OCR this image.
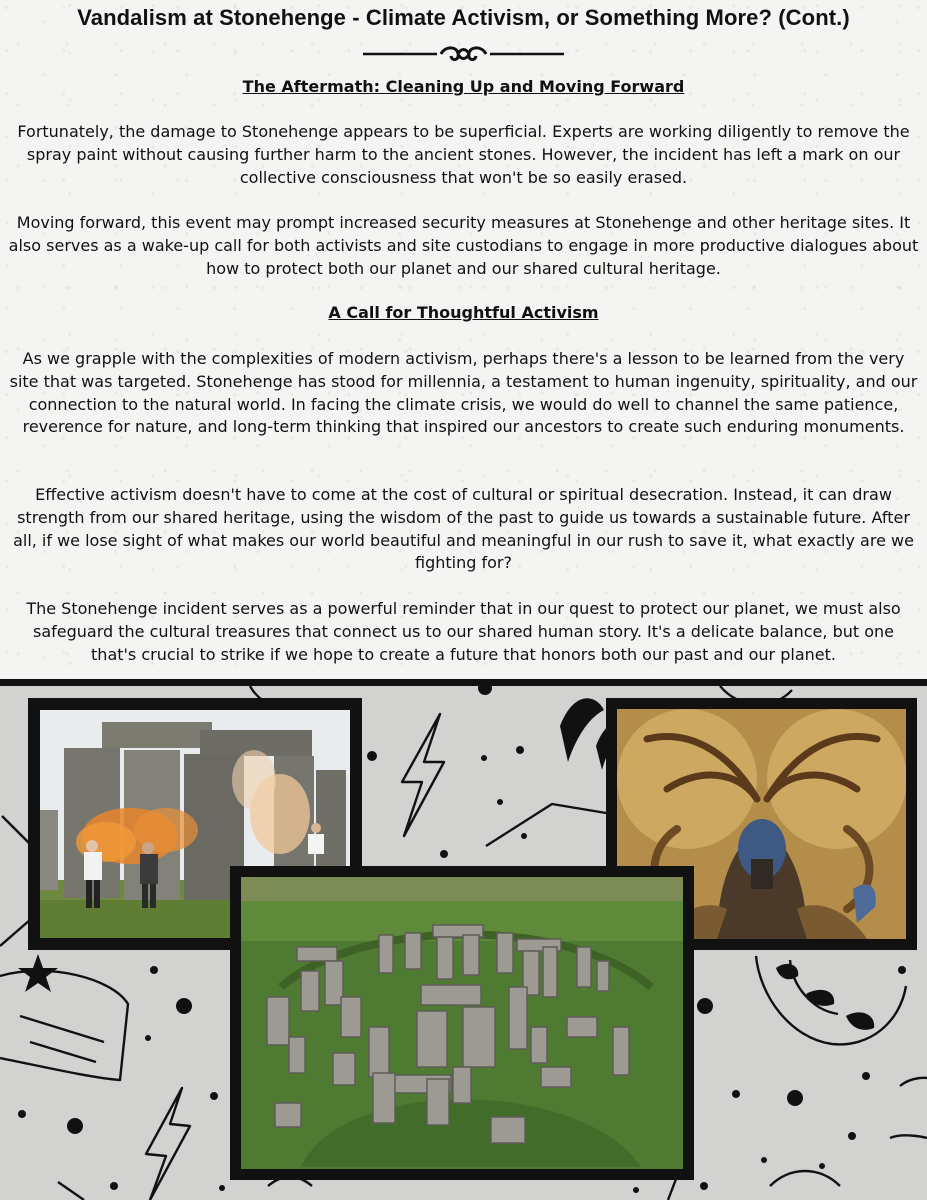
Vandalism at Stonehenge - Climate Activism, or Something More? (Cont.)
The Aftermath: Cleaning Up and Moving Forward

Fortunately, the damage to Stonehenge appears to be superficial. Experts are working diligently to remove the spray paint without causing further harm to the ancient stones. However, the incident has left a mark on our collective consciousness that won't be so easily erased.

Moving forward, this event may prompt increased security measures at Stonehenge and other heritage sites. It also serves as a wake-up call for both activists and site custodians to engage in more productive dialogues about how to protect both our planet and our shared cultural heritage.

A Call for Thoughtful Activism

As we grapple with the complexities of modern activism, perhaps there's a lesson to be learned from the very site that was targeted. Stonehenge has stood for millennia, a testament to human ingenuity, spirituality, and our connection to the natural world. In facing the climate crisis, we would do well to channel the same patience, reverence for nature, and long-term thinking that inspired our ancestors to create such enduring monuments.

Effective activism doesn't have to come at the cost of cultural or spiritual desecration. Instead, it can draw strength from our shared heritage, using the wisdom of the past to guide us towards a sustainable future. After all, if we lose sight of what makes our world beautiful and meaningful in our rush to save it, what exactly are we fighting for?

The Stonehenge incident serves as a powerful reminder that in our quest to protect our planet, we must also safeguard the cultural treasures that connect us to our shared human story. It's a delicate balance, but one that's crucial to strike if we hope to create a future that honors both our past and our planet.
